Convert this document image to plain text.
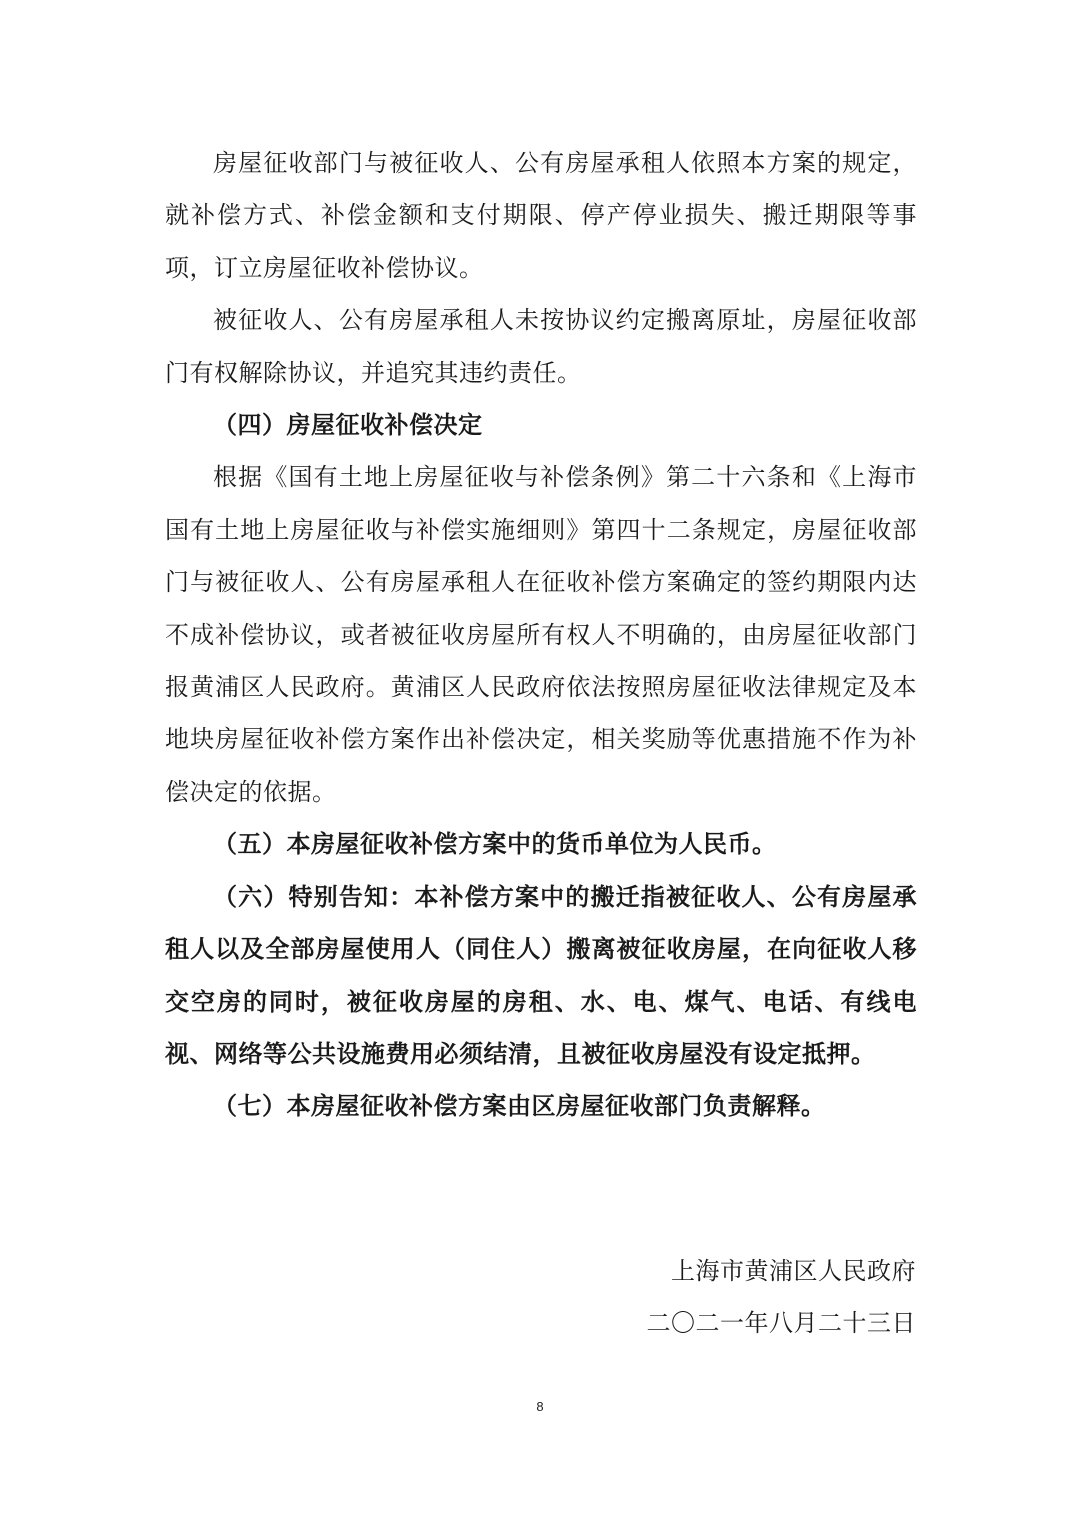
房屋征收部门与被征收人、公有房屋承租人依照本方案的规定，就补偿方式、补偿金额和支付期限、停产停业损失、搬迁期限等事项，订立房屋征收补偿协议。

被征收人、公有房屋承租人未按协议约定搬离原址，房屋征收部门有权解除协议，并追究其违约责任。

（四）房屋征收补偿决定

根据《国有土地上房屋征收与补偿条例》第二十六条和《上海市国有土地上房屋征收与补偿实施细则》第四十二条规定，房屋征收部门与被征收人、公有房屋承租人在征收补偿方案确定的签约期限内达不成补偿协议，或者被征收房屋所有权人不明确的，由房屋征收部门报黄浦区人民政府。黄浦区人民政府依法按照房屋征收法律规定及本地块房屋征收补偿方案作出补偿决定，相关奖励等优惠措施不作为补偿决定的依据。

（五）本房屋征收补偿方案中的货币单位为人民币。

（六）特别告知：本补偿方案中的搬迁指被征收人、公有房屋承租人以及全部房屋使用人（同住人）搬离被征收房屋，在向征收人移交空房的同时，被征收房屋的房租、水、电、煤气、电话、有线电视、网络等公共设施费用必须结清，且被征收房屋没有设定抵押。

（七）本房屋征收补偿方案由区房屋征收部门负责解释。

上海市黄浦区人民政府
二〇二一年八月二十三日
8
